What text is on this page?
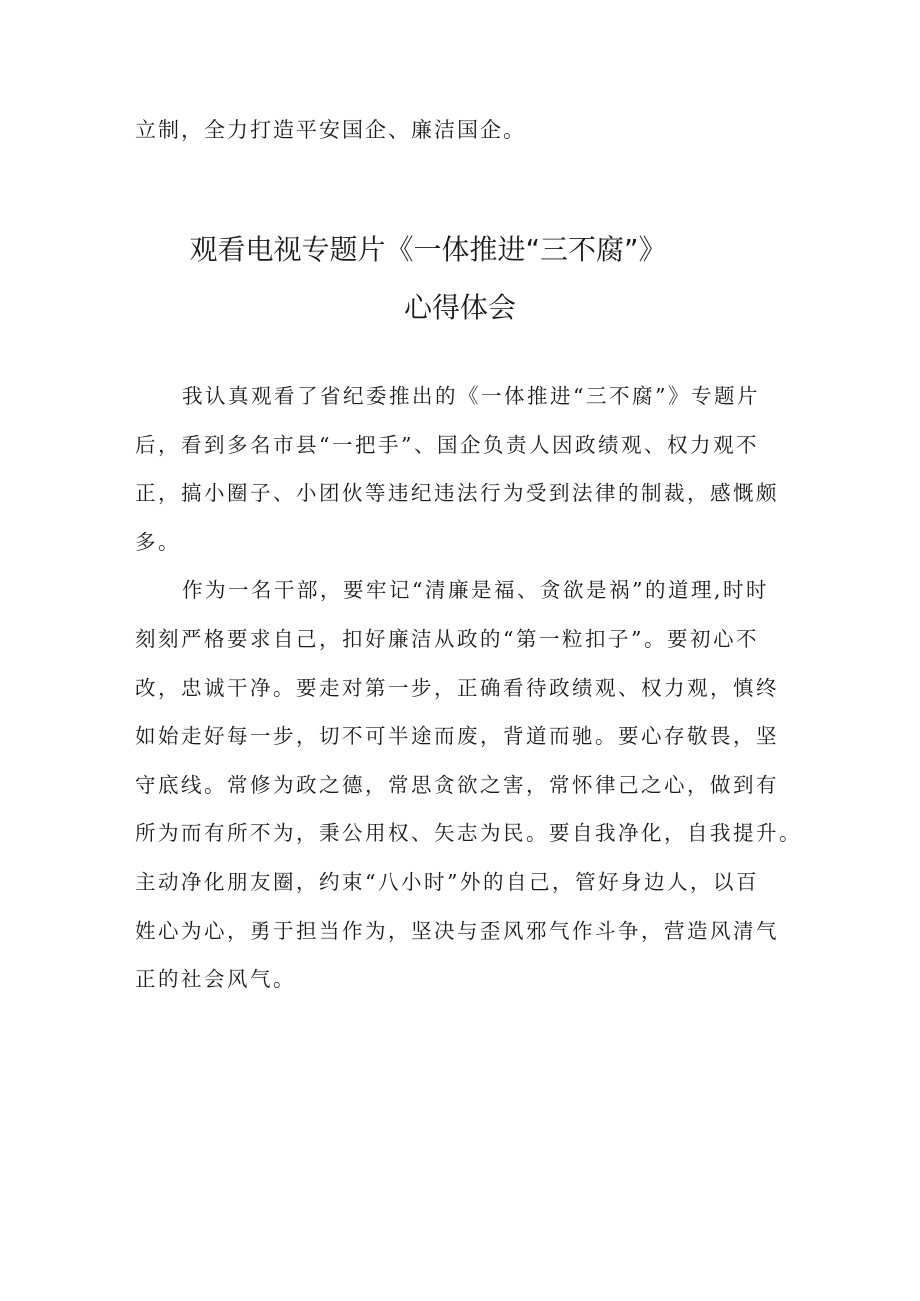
立制，全力打造平安国企、廉洁国企。
观看电视专题片《一体推进“三不腐”》
心得体会
我认真观看了省纪委推出的《一体推进“三不腐”》专题片
后，看到多名市县“一把手”、国企负责人因政绩观、权力观不
正，搞小圈子、小团伙等违纪违法行为受到法律的制裁，感慨颇
多。
作为一名干部，要牢记“清廉是福、贪欲是祸”的道理,时时
刻刻严格要求自己，扣好廉洁从政的“第一粒扣子”。要初心不
改，忠诚干净。要走对第一步，正确看待政绩观、权力观，慎终
如始走好每一步，切不可半途而废，背道而驰。要心存敬畏，坚
守底线。常修为政之德，常思贪欲之害，常怀律己之心，做到有
所为而有所不为，秉公用权、矢志为民。要自我净化，自我提升。
主动净化朋友圈，约束“八小时”外的自己，管好身边人，以百
姓心为心，勇于担当作为，坚决与歪风邪气作斗争，营造风清气
正的社会风气。
